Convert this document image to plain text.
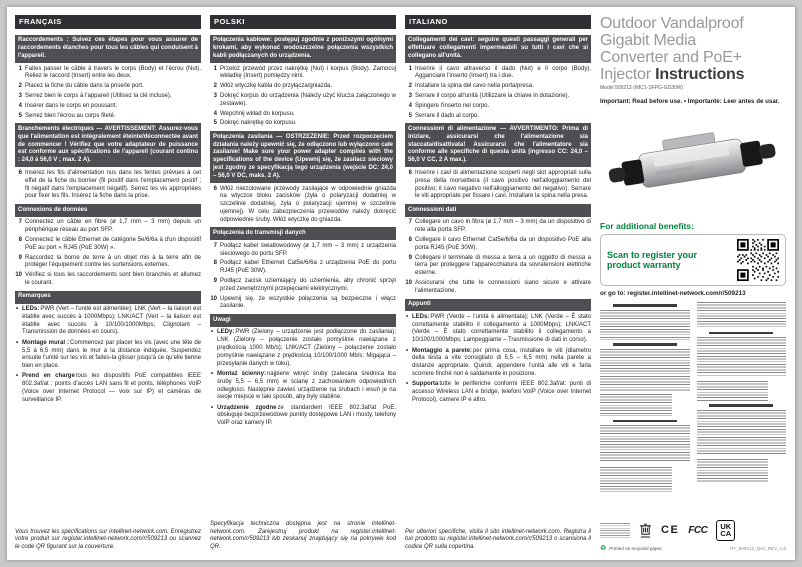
FRANÇAIS
Raccordements : Suivez ces étapes pour vous assurer de raccordements étanches pour tous les câbles qui conduisent à l'appareil.
1 Faites passer le câble à travers le corps (Body) et l'écrou (Nut). Reliez le raccord (Insert) entre les deux.
2 Placez la fiche du câble dans la prise/le port.
3 Serrez bien le corps à l'appareil (Utilisez la clé incluse).
4 Insérer dans le corps en poussant.
5 Serrez bien l'écrou au corps fileté.
Branchements électriques — AVERTISSEMENT: Assurez-vous que l'alimentation est intégralement éteinte/déconnectée avant de commencer ! Vérifiez que votre adaptateur de puissance est conforme aux spécifications de l'appareil (courant continu : 24,0 à 56,0 V ; max. 2 A).
6 Insérez les fils d'alimentation nus dans les fentes prévues à cet effet de la fiche du bornier (fil positif dans l'emplacement positif ; fil négatif dans l'emplacement négatif). Serrez les vis appropriées pour fixer les fils. Insérez la fiche dans la prise.
Connexions de données
7 Connectez un câble en fibre (ø 1,7 mm – 3 mm) depuis un périphérique réseau au port SFP.
8 Connectez le câble Ethernet de catégorie 5e/6/6a à d'un dispositif PoE au port « RJ45 (PoE 30W) ».
9 Raccordez la borne de terre à un objet mis à la terre afin de protéger l'équipement contre les surtensions externes.
10 Vérifiez si tous les raccordements sont bien branchés et allumez le courant.
Remarques
• LEDs:PWR (Vert – l'unité est alimentée); LNK (Vert – la liaison est établie avec succès à 1000Mbps); LNK/ACT (Vert – la liaison est établie avec succès à 10/100/1000Mbps; Clignotant – Transmission de données en cours).
• Montage mural :Commencez par placer les vis (avec une tête de 5,5 à 6,5 mm) dans le mur à la distance indiquée. Suspendez ensuite l'unité sur les vis et faites-la glisser jusqu'à ce qu'elle tienne bien en place.
• Prend en chargetous les dispositifs PoE compatibles IEEE 802.3af/at : points d'accès LAN sans fil et ponts, téléphones VoIP (Voice over Internet Protocol — voix sur IP) et caméras de surveillance IP.
Vous trouvez les spécifications sur intellinet-network.com. Enregistrez votre produit sur register.intellinet-network.com/r/509213 ou scannez le code QR figurant sur la couverture.
POLSKI
Połączenia kablowe: postępuj zgodnie z poniższymi ogólnymi krokami, aby wykonać wodoszczelne połączenia wszystkich kabli podłączanych do urządzenia.
1 Przełóż przewód przez nakrętkę (Nut) i korpus (Body). Zamocuj wkładkę (Insert) pomiędzy nimi.
2 Włóż wtyczkę kabla do przyłącza/gniazda.
3 Dokręć korpus do urządzenia (Należy użyć klucza załączonego w zestawie).
4 Wepchnij wkład do korpusu.
5 Dokręć nakrętkę do korpusu.
Połączenia zasilania — OSTRZEŻENIE: Przed rozpoczęciem działania należy upewnić się, że odłączono lub wyłączono całe zasilanie! Make sure your power adapter complies with the specifications of the device (Upewnij się, że zasilacz sieciowy jest zgodny ze specyfikacją tego urządzenia (wejście DC: 24,0 – 56,0 V DC, maks. 2 A).
6 Włóż nieizolowane przewody zasilające w odpowiednie gniazda na wtyczce bloku zacisków (żyła o polaryzacji dodatniej w szczelinie dodatniej, żyła o polaryzacji ujemnej w szczelinie ujemnej). W celu zabezpieczenia przewodów należy dokręcić odpowiednie śruby. Włóż wtyczkę do gniazda.
Połączenia do transmisji danych
7 Podłącz kabel światłowodowy (ø 1,7 mm – 3 mm) z urządzenia sieciowego do portu SFP.
8 Podłącz kabel Ethernet Cat5e/6/6a z urządzenia PoE do portu RJ45 (PoE 30W).
9 Podłącz zacisk uziemiający do uziemienia, aby chronić sprzęt przed zewnętrznymi przepięciami elektrycznymi.
10 Upewnij się, że wszystkie połączenia są bezpieczne i włącz zasilanie.
Uwagi
• LEDy:PWR (Zielony – urządzenie jest podłączone do zasilania); LNK (Zielony – połączenie zostało pomyślnie nawiązane z prędkością 1000 Mb/s); LNK/ACT (Zielony – połączenie zostało pomyślnie nawiązane z prędkością 10/100/1000 Mb/s; Migająca – przesyłanie danych w toku).
• Montaż ścienny:najpierw wkręć śruby (zalecana średnica łba śruby 5,5 – 6,5 mm) w ścianę z zachowaniem odpowiednich odległości. Następnie zawieś urządzenie na śrubach i wsuń je na swoje miejsce w taki sposób, aby były stabilne.
• Urządzenie zgodneze standardem IEEE 802.3af/at PoE: obsługuje bezprzewodowe punkty dostępowe LAN i mosty, telefony VoIP oraz kamery IP.
Specyfikacja techniczna dostępna jest na stronie intellinet-network.com. Zarejestruj produkt na register.intellinet-network.com/r/509213 lub zeskanuj znajdujący się na pokrywie kod QR.
ITALIANO
Collegamenti dei cavi: seguire questi passaggi generali per effettuare collegamenti impermeabili su tutti i cavi che si collegano all'unità.
1 Inserire il cavo attraverso il dado (Nut) e il corpo (Body). Agganciare l'inserto (Insert) tra i due.
2 Installare la spina del cavo nella porta/presa.
3 Serrare il corpo all'unità (Utilizzare la chiave in dotazione).
4 Spingere l'inserto nel corpo.
5 Serrare il dado al corpo.
Connessioni di alimentazione — AVVERTIMENTO: Prima di iniziare, assicurarsi che l'alimentazione sia staccata/disattivata! Assicurarsi che l'alimentatore sia conforme alle specifiche di questa unità (ingresso CC: 24,0 – 56,0 V CC, 2 A max.).
6 Inserire i cavi di alimentazione scoperti negli slot appropriati sulla presa della morsettiera (il cavo positivo nell'alloggiamento del positivo; il cavo negativo nell'alloggiamento del negativo). Serrare le viti appropriate per fissare i cavi. Installare la spina nella presa.
Connessioni dati
7 Collegare un cavo in fibra (ø 1,7 mm – 3 mm) da un dispositivo di rete alla porta SFP.
8 Collegare il cavo Ethernet Cat5e/6/6a da un dispositivo PoE alla porta RJ45 (PoE 30W).
9 Collegare il terminale di messa a terra a un oggetto di messa a terra per proteggere l'apparecchiatura da sovratensioni elettriche esterne.
10 Assicurarsi che tutte le connessioni siano sicure e attivare l'alimentazione.
Appunti
• LEDs:PWR (Verde – l'unità è alimentata); LNK (Verde – È stato correttamente stabilito il collegamento a 1000Mbps); LNK/ACT (Verde – È stato correttamente stabilito il collegamento a 10/100/1000Mbps; Lampeggiante – Trasmissione di dati in corso).
• Montaggio a parete:per prima cosa, installare le viti (diametro della testa a vite consigliato di 5,5 – 6,5 mm) nella parete a distanze appropriate. Quindi, appendere l'unità alle viti e farla scorrere finché non è saldamente in posizione.
• Supportatutte le periferiche conformi IEEE 802.3af/at: punti di accesso Wireless LAN e bridge, telefoni VoIP (Voice over Internet Protocol), camere IP e altro.
Per ulteriori specifiche, visita il sito intellinet-network.com. Registra il tuo prodotto su register.intellinet-network.com/r/509213 o scansiona il codice QR sulla copertina.
Outdoor Vandalproof
Gigabit Media
Converter and PoE+
Injector Instructions
Model 509213 (IMC1-SFPG-GD30W)
Important: Read before use. • Importante: Leer antes de usar.
For additional benefits:
Scan to register your product warranty
or go to: register.intellinet-network.com/r/509213
CE FCC UK
CA
♻ Printed on recycled paper.	RT_509213_QIG_REV_1.0
